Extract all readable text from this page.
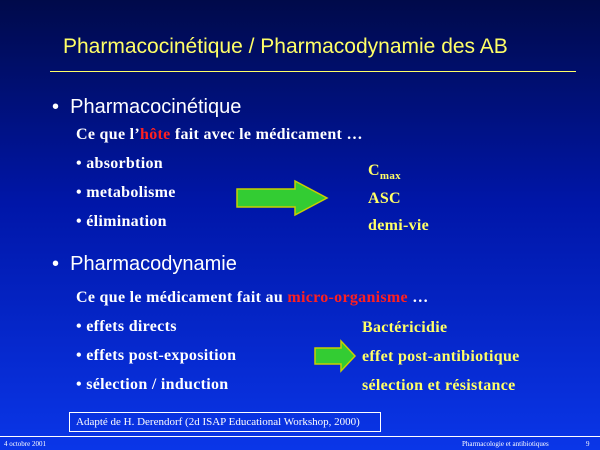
Pharmacocinétique / Pharmacodynamie des AB
•  Pharmacocinétique
Ce que l’hôte fait avec le médicament …
• absorbtion
• metabolisme
• élimination
$C_{max}$
ASC
demi-vie
•  Pharmacodynamie
Ce que le médicament fait au micro-organisme …
• effets directs
• effets post-exposition
• sélection / induction
Bactéricidie
effet post-antibiotique
sélection et résistance
Adapté de H. Derendorf (2d ISAP Educational Workshop, 2000)
4 octobre 2001	Pharmacologie et antibiotiques	9
